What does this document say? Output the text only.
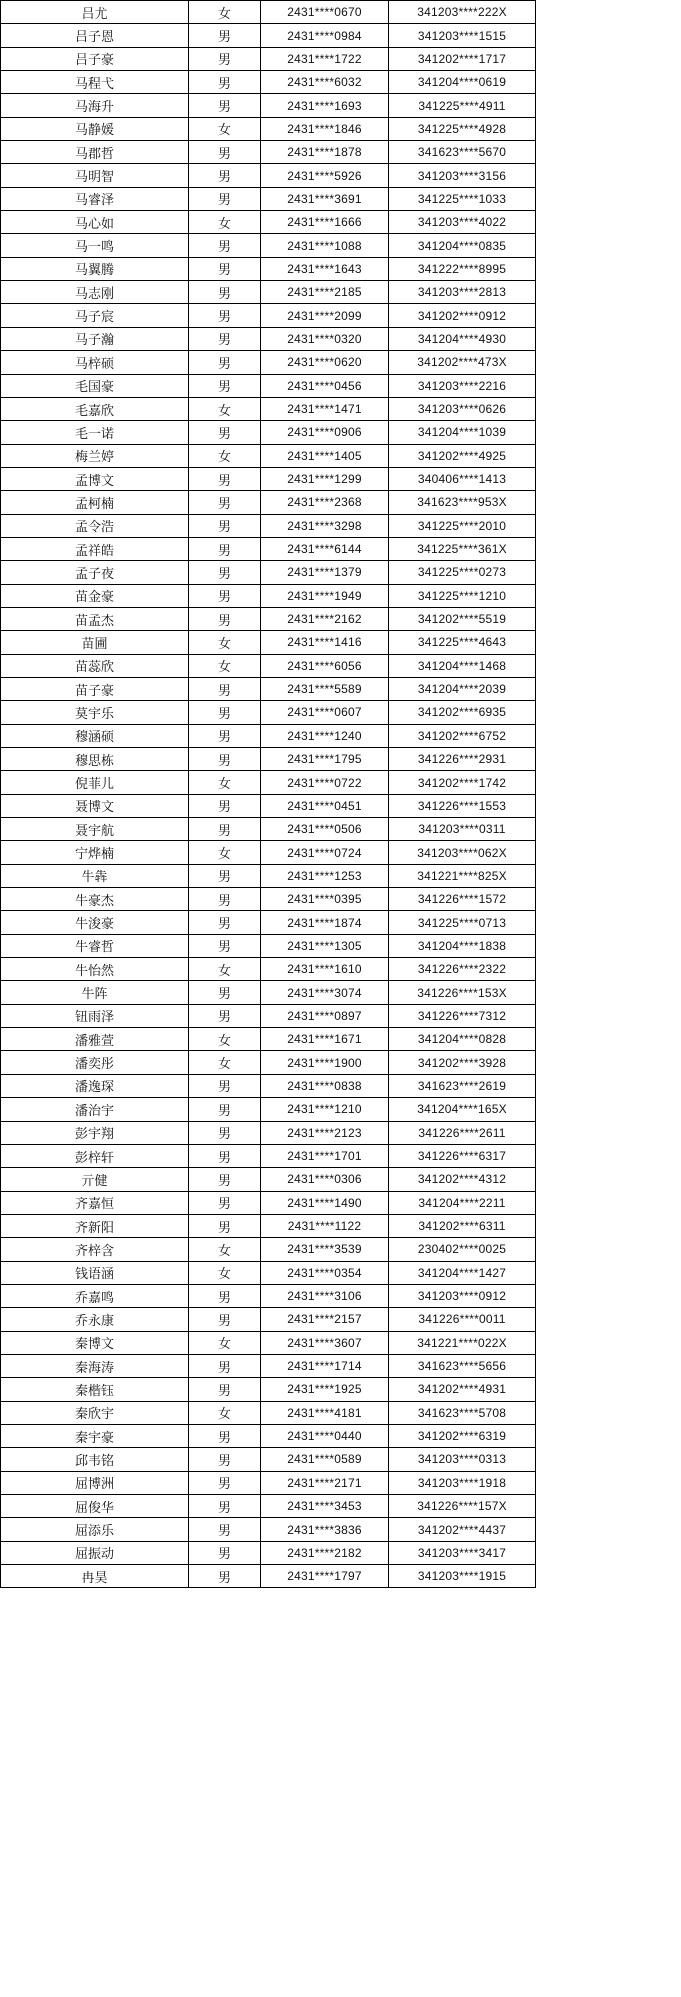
吕尤	女	2431****0670	341203****222X
吕子恩	男	2431****0984	341203****1515
吕子豪	男	2431****1722	341202****1717
马程弋	男	2431****6032	341204****0619
马海升	男	2431****1693	341225****4911
马静媛	女	2431****1846	341225****4928
马郡哲	男	2431****1878	341623****5670
马明智	男	2431****5926	341203****3156
马睿泽	男	2431****3691	341225****1033
马心如	女	2431****1666	341203****4022
马一鸣	男	2431****1088	341204****0835
马翼腾	男	2431****1643	341222****8995
马志刚	男	2431****2185	341203****2813
马子宸	男	2431****2099	341202****0912
马子瀚	男	2431****0320	341204****4930
马梓硕	男	2431****0620	341202****473X
毛国豪	男	2431****0456	341203****2216
毛嘉欣	女	2431****1471	341203****0626
毛一诺	男	2431****0906	341204****1039
梅兰婷	女	2431****1405	341202****4925
孟博文	男	2431****1299	340406****1413
孟柯楠	男	2431****2368	341623****953X
孟令浩	男	2431****3298	341225****2010
孟祥皓	男	2431****6144	341225****361X
孟子夜	男	2431****1379	341225****0273
苗金豪	男	2431****1949	341225****1210
苗孟杰	男	2431****2162	341202****5519
苗圃	女	2431****1416	341225****4643
苗蕊欣	女	2431****6056	341204****1468
苗子豪	男	2431****5589	341204****2039
莫宇乐	男	2431****0607	341202****6935
穆涵硕	男	2431****1240	341202****6752
穆思栋	男	2431****1795	341226****2931
倪菲儿	女	2431****0722	341202****1742
聂博文	男	2431****0451	341226****1553
聂宇航	男	2431****0506	341203****0311
宁烨楠	女	2431****0724	341203****062X
牛犇	男	2431****1253	341221****825X
牛豪杰	男	2431****0395	341226****1572
牛浚豪	男	2431****1874	341225****0713
牛睿哲	男	2431****1305	341204****1838
牛怡然	女	2431****1610	341226****2322
牛阵	男	2431****3074	341226****153X
钮雨泽	男	2431****0897	341226****7312
潘雅萱	女	2431****1671	341204****0828
潘奕彤	女	2431****1900	341202****3928
潘逸琛	男	2431****0838	341623****2619
潘治宇	男	2431****1210	341204****165X
彭宇翔	男	2431****2123	341226****2611
彭梓轩	男	2431****1701	341226****6317
亓健	男	2431****0306	341202****4312
齐嘉恒	男	2431****1490	341204****2211
齐新阳	男	2431****1122	341202****6311
齐梓含	女	2431****3539	230402****0025
钱语涵	女	2431****0354	341204****1427
乔嘉鸣	男	2431****3106	341203****0912
乔永康	男	2431****2157	341226****0011
秦博文	女	2431****3607	341221****022X
秦海涛	男	2431****1714	341623****5656
秦楷钰	男	2431****1925	341202****4931
秦欣宇	女	2431****4181	341623****5708
秦宇豪	男	2431****0440	341202****6319
邱韦铭	男	2431****0589	341203****0313
屈博洲	男	2431****2171	341203****1918
屈俊华	男	2431****3453	341226****157X
屈添乐	男	2431****3836	341202****4437
屈振动	男	2431****2182	341203****3417
冉昊	男	2431****1797	341203****1915
